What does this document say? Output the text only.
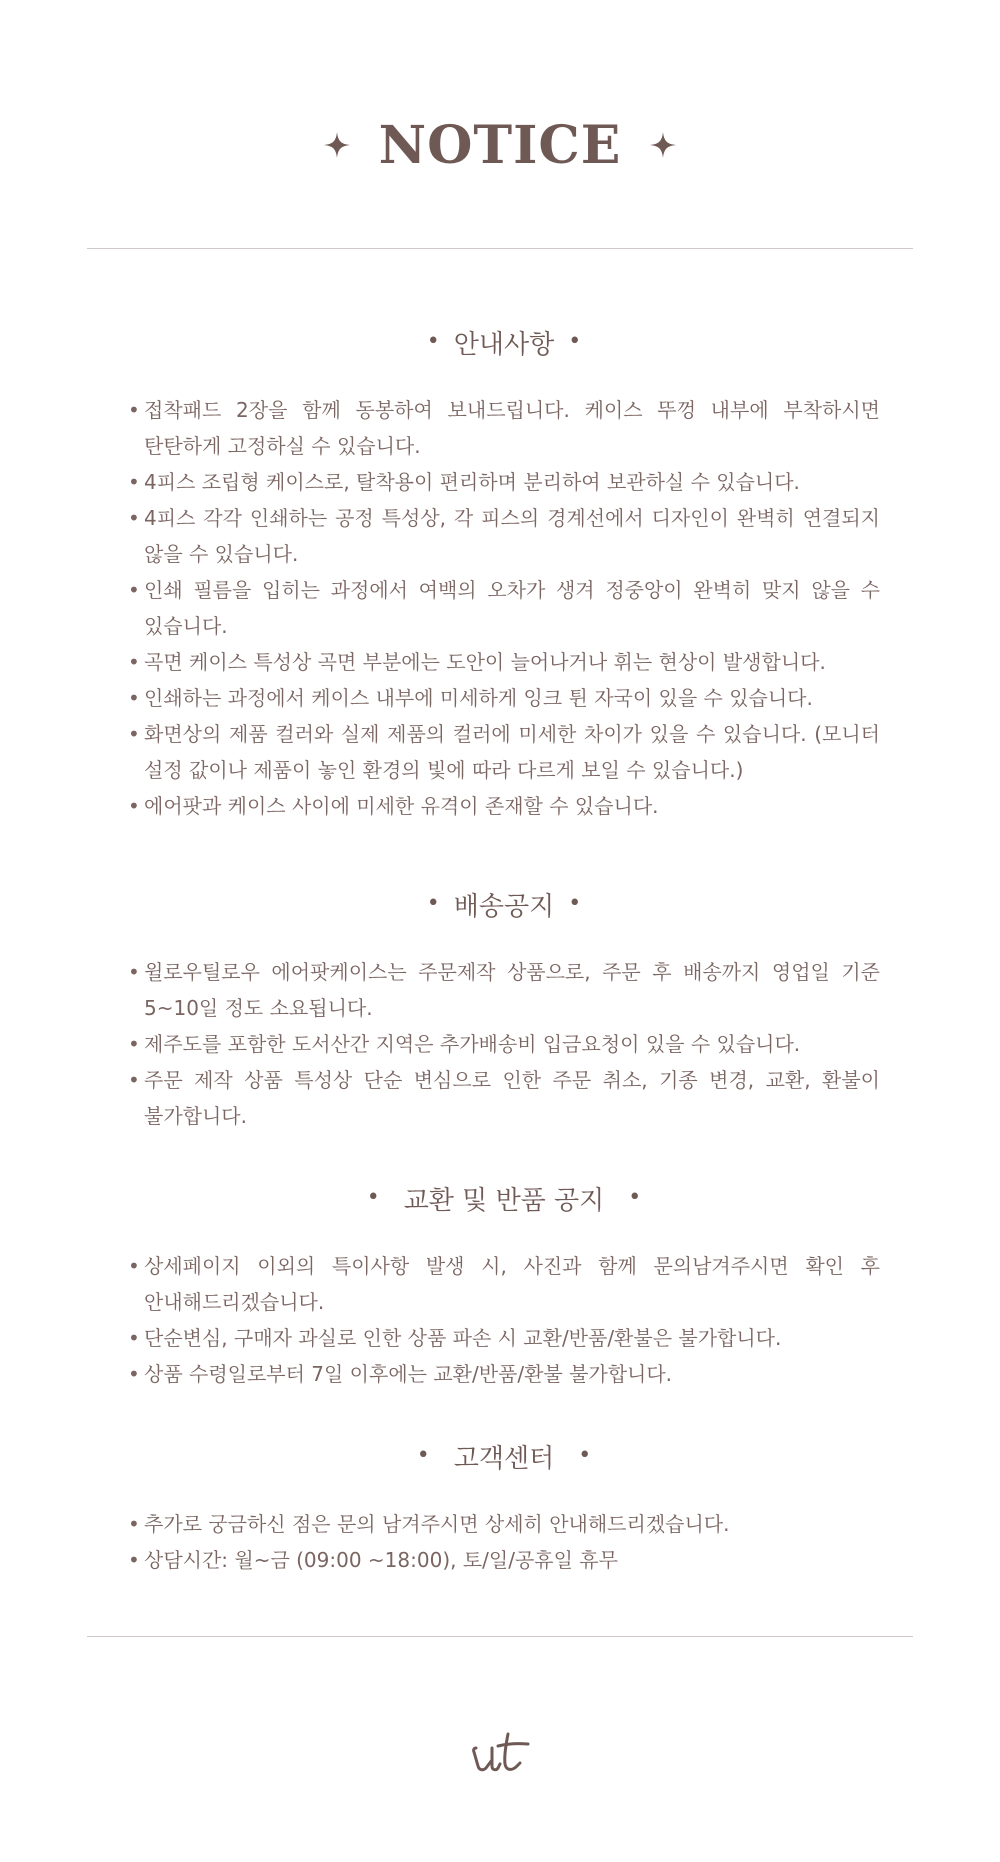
NOTICE
• 안내사항 •
• 접착패드 2장을 함께 동봉하여 보내드립니다. 케이스 뚜껑 내부에 부착하시면 탄탄하게 고정하실 수 있습니다.
• 4피스 조립형 케이스로, 탈착용이 편리하며 분리하여 보관하실 수 있습니다.
• 4피스 각각 인쇄하는 공정 특성상, 각 피스의 경계선에서 디자인이 완벽히 연결되지 않을 수 있습니다.
• 인쇄 필름을 입히는 과정에서 여백의 오차가 생겨 정중앙이 완벽히 맞지 않을 수 있습니다.
• 곡면 케이스 특성상 곡면 부분에는 도안이 늘어나거나 휘는 현상이 발생합니다.
• 인쇄하는 과정에서 케이스 내부에 미세하게 잉크 튄 자국이 있을 수 있습니다.
• 화면상의 제품 컬러와 실제 제품의 컬러에 미세한 차이가 있을 수 있습니다. (모니터 설정 값이나 제품이 놓인 환경의 빛에 따라 다르게 보일 수 있습니다.)
• 에어팟과 케이스 사이에 미세한 유격이 존재할 수 있습니다.
• 배송공지 •
• 윌로우틸로우 에어팟케이스는 주문제작 상품으로, 주문 후 배송까지 영업일 기준 5~10일 정도 소요됩니다.
• 제주도를 포함한 도서산간 지역은 추가배송비 입금요청이 있을 수 있습니다.
• 주문 제작 상품 특성상 단순 변심으로 인한 주문 취소, 기종 변경, 교환, 환불이 불가합니다.
• 교환 및 반품 공지 •
• 상세페이지 이외의 특이사항 발생 시, 사진과 함께 문의남겨주시면 확인 후 안내해드리겠습니다.
• 단순변심, 구매자 과실로 인한 상품 파손 시 교환/반품/환불은 불가합니다.
• 상품 수령일로부터 7일 이후에는 교환/반품/환불 불가합니다.
• 고객센터 •
• 추가로 궁금하신 점은 문의 남겨주시면 상세히 안내해드리겠습니다.
• 상담시간: 월~금 (09:00 ~18:00), 토/일/공휴일 휴무
